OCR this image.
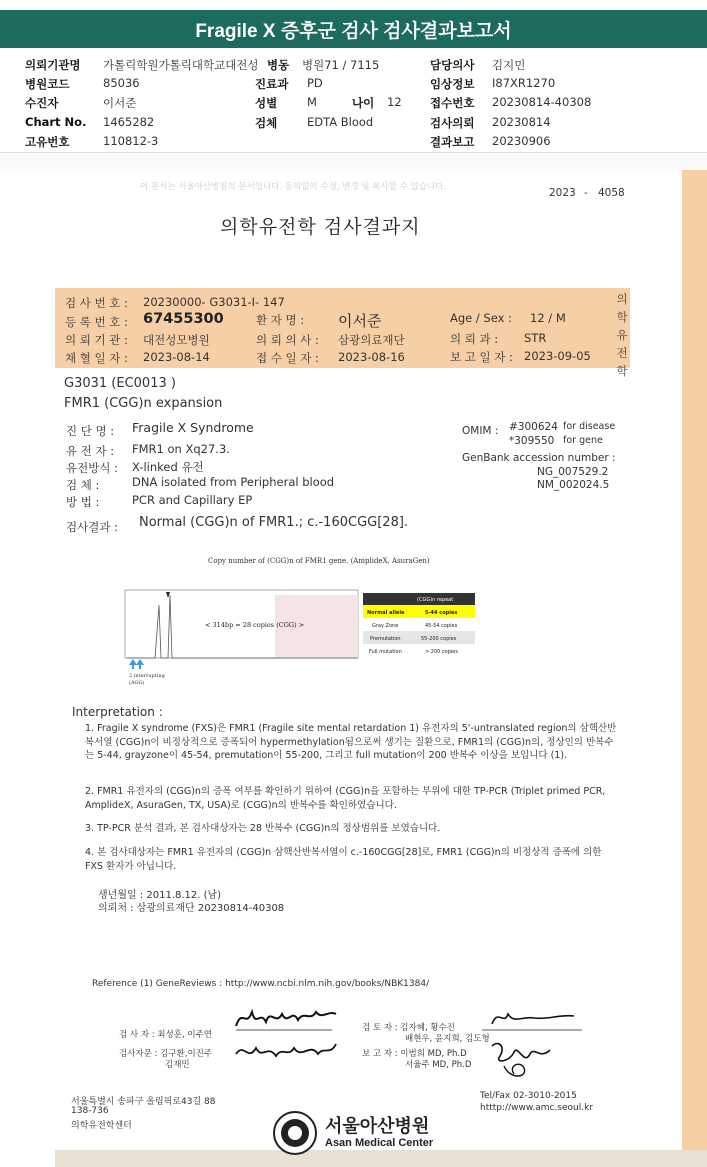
Fragile X 증후군 검사 검사결과보고서
의뢰기관명 가톨릭학원가톨릭대학교대전성 병동 병원71 / 7115	담당의사 김지민
병원코드	85036	진료과 PD	임상정보 I87XR1270
수진자	이서준	성별	M	나이 12 접수번호 20230814-40308
Chart No. 1465282	검체	EDTA Blood	검사의뢰 20230814
고유번호	110812-3	결과보고 20230906
이 문서는 서울아산병원의 문서입니다. 동의없이 수정, 변경 및 복사할 수 없습니다.	2023 - 4058
의학유전학 검사결과지
검 사 번 호 : 20230000- G3031-I- 147	의학유전학
등 록 번 호 : 67455300	환 자 명 : 이서준	Age / Sex : 12 / M
의 뢰 기 관 : 대전성모병원	의 뢰 의 사 : 삼광의료재단	의 뢰 과 : STR
채 혈 일 자 : 2023-08-14	접 수 일 자 : 2023-08-16	보 고 일 자 : 2023-09-05
G3031 (EC0013 )
FMR1 (CGG)n expansion
진 단 명 : Fragile X Syndrome
유 전 자 : FMR1 on Xq27.3.
유전방식 : X-linked 유전
검 체 :	DNA isolated from Peripheral blood
방 법 :	PCR and Capillary EP
OMIM : #300624 for disease
*309550 for gene
GenBank accession number :
NG_007529.2
NM_002024.5
검사결과 : Normal (CGG)n of FMR1.; c.-160CGG[28].
Copy number of (CGG)n of FMR1 gene. (AmplideX, AsuraGen)
< 314bp = 28 copies (CGG) >
2 interrupting
(AGG)
(CGG)n repeat
Normal allele	5-44 copies
Gray Zone	45-54 copies
Premutation	55-200 copies
Full mutation	> 200 copies
Interpretation :
1. Fragile X syndrome (FXS)은 FMR1 (Fragile site mental retardation 1) 유전자의 5'-untranslated region의 삼핵산반복서열 (CGG)n이 비정상적으로 증폭되어 hypermethylation됨으로써 생기는 질환으로, FMR1의 (CGG)n의, 정상인의 반복수는 5-44, grayzone이 45-54, premutation이 55-200, 그리고 full mutation이 200 반복수 이상을 보입니다 (1).
2. FMR1 유전자의 (CGG)n의 증폭 여부를 확인하기 위하여 (CGG)n을 포함하는 부위에 대한 TP-PCR (Triplet primed PCR, AmplideX, AsuraGen, TX, USA)로 (CGG)n의 반복수를 확인하였습니다.
3. TP-PCR 분석 결과, 본 검사대상자는 28 반복수 (CGG)n의 정상범위를 보였습니다.
4. 본 검사대상자는 FMR1 유전자의 (CGG)n 삼핵산반복서열이 c.-160CGG[28]로, FMR1 (CGG)n의 비정상적 증폭에 의한 FXS 환자가 아닙니다.
생년월일 : 2011.8.12. (남)
의뢰처 : 삼광의료재단 20230814-40308
Reference (1) GeneReviews : http://www.ncbi.nlm.nih.gov/books/NBK1384/
검 사 자 : 최성훈, 이주연
검사자문 : 김구환,이진주
김재민
검 토 자 : 김자혜, 황수진
배현우, 윤지희, 김도형
보 고 자 : 이범희 MD, Ph.D
서율주 MD, Ph.D
서울특별시 송파구 올림픽로43길 88
138-736
의학유전학센터
Tel/Fax 02-3010-2015
htttp://www.amc.seoul.kr
서울아산병원
Asan Medical Center
